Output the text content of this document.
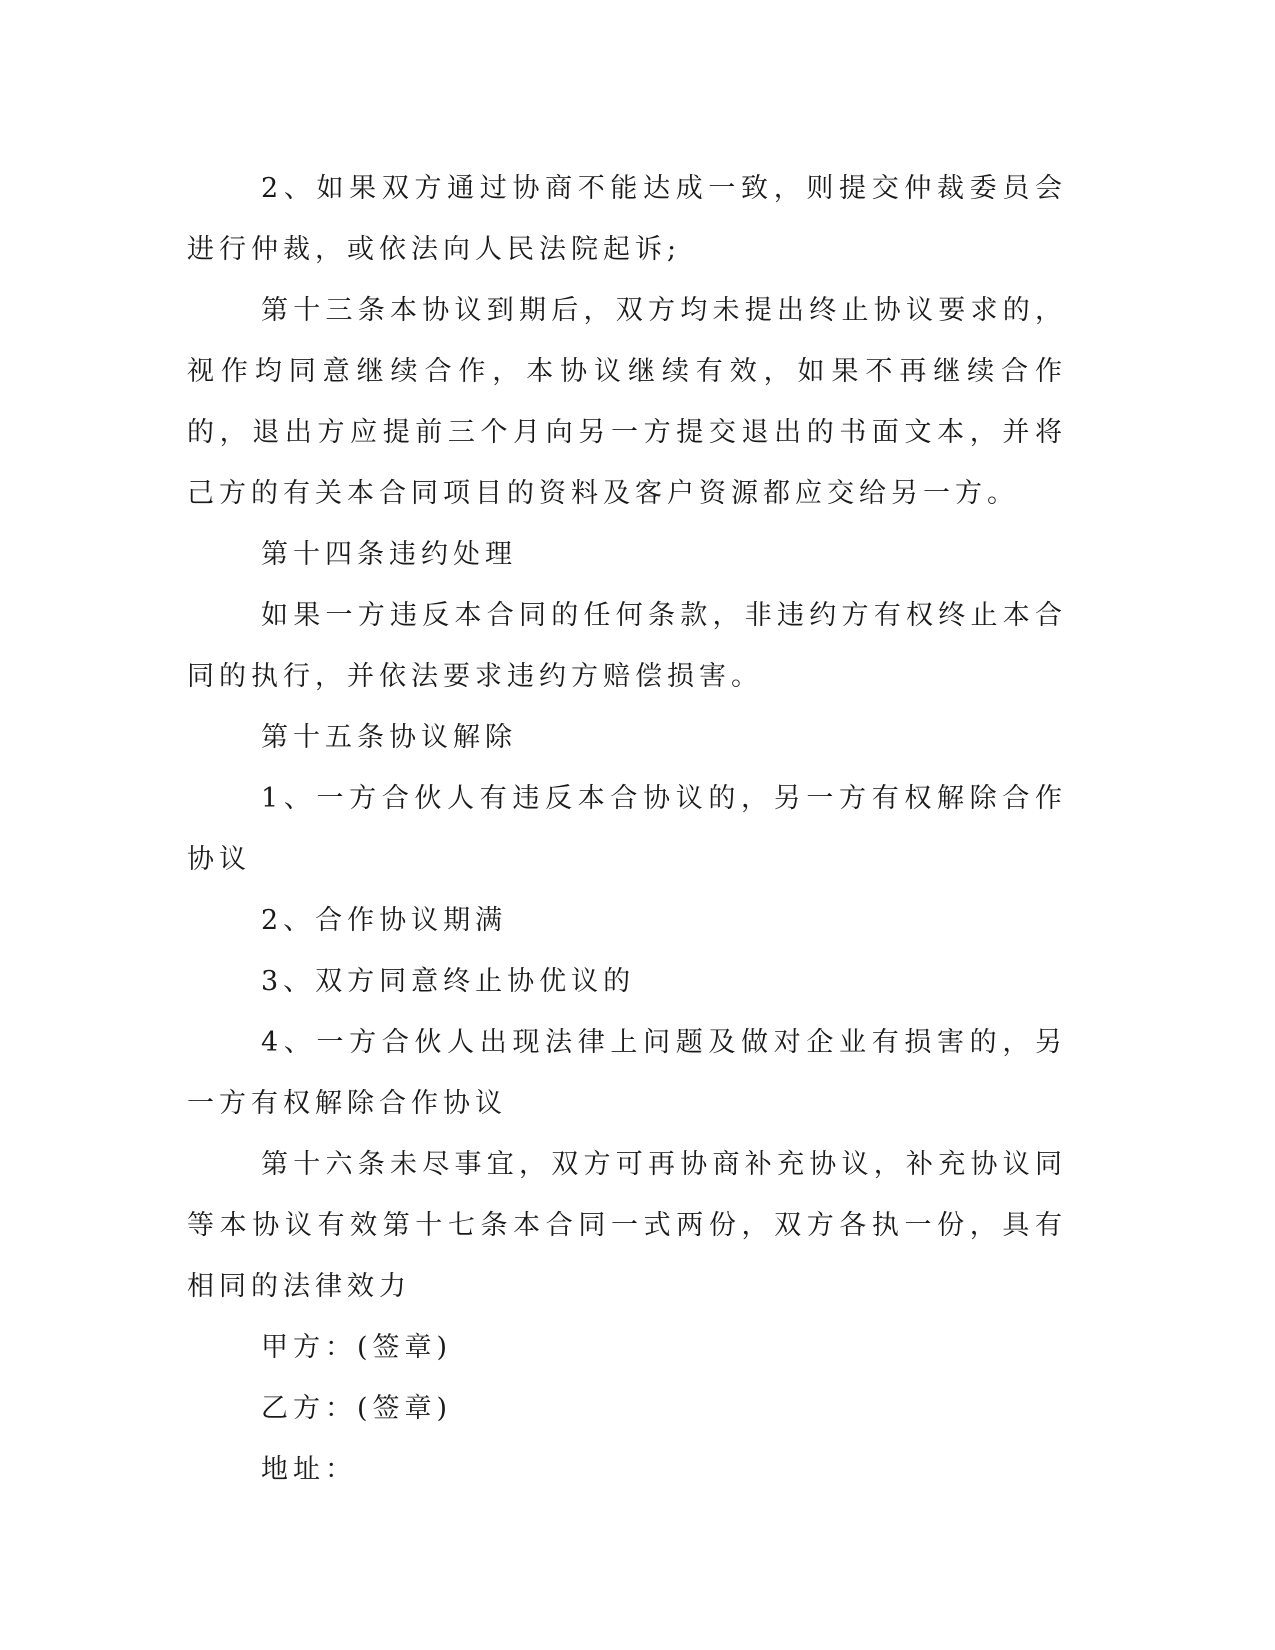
2、如果双方通过协商不能达成一致，则提交仲裁委员会进行仲裁，或依法向人民法院起诉;

第十三条本协议到期后，双方均未提出终止协议要求的，视作均同意继续合作，本协议继续有效，如果不再继续合作的，退出方应提前三个月向另一方提交退出的书面文本，并将己方的有关本合同项目的资料及客户资源都应交给另一方。

第十四条违约处理

如果一方违反本合同的任何条款，非违约方有权终止本合同的执行，并依法要求违约方赔偿损害。

第十五条协议解除

1、一方合伙人有违反本合协议的，另一方有权解除合作协议

2、合作协议期满

3、双方同意终止协优议的

4、一方合伙人出现法律上问题及做对企业有损害的，另一方有权解除合作协议

第十六条未尽事宜，双方可再协商补充协议，补充协议同等本协议有效第十七条本合同一式两份，双方各执一份，具有相同的法律效力

甲方：(签章)

乙方：(签章)

地址：
